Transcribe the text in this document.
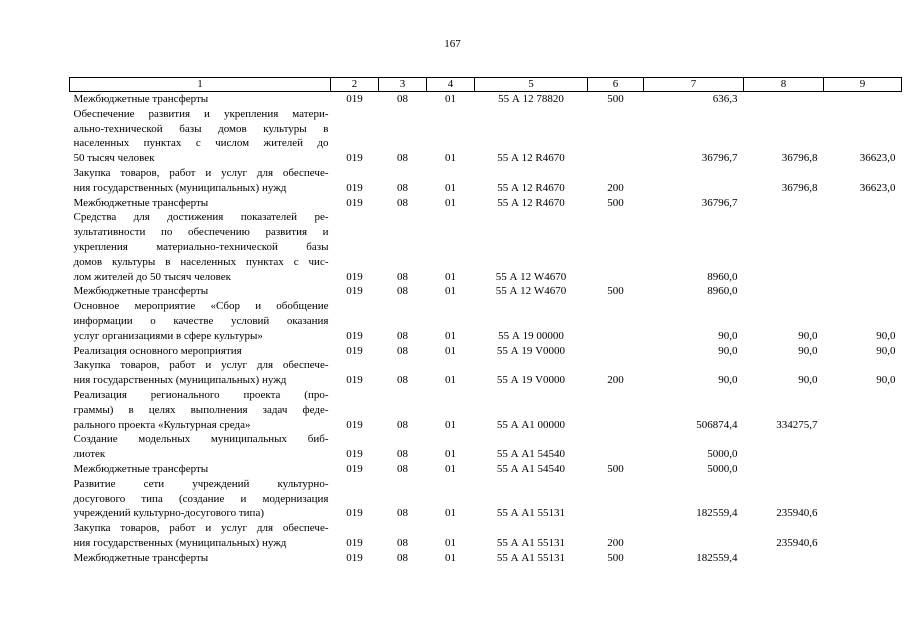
167
1	2	3	4	5	6	7	8	9

Межбюджетные трансферты	019	08	01	55 А 12 78820	500	636,3		

Обеспечение развития и укрепления матери-
ально-технической базы домов культуры в
населенных пунктах с числом жителей до
50 тысяч человек	019	08	01	55 А 12 R4670		36796,7	36796,8	36623,0

Закупка товаров, работ и услуг для обеспече-
ния государственных (муниципальных) нужд	019	08	01	55 А 12 R4670	200		36796,8	36623,0

Межбюджетные трансферты	019	08	01	55 А 12 R4670	500	36796,7		

Средства для достижения показателей ре-
зультативности по обеспечению развития и
укрепления материально-технической базы
домов культуры в населенных пунктах с чис-
лом жителей до 50 тысяч человек	019	08	01	55 А 12 W4670		8960,0		

Межбюджетные трансферты	019	08	01	55 А 12 W4670	500	8960,0		

Основное мероприятие «Сбор и обобщение
информации о качестве условий оказания
услуг организациями в сфере культуры»	019	08	01	55 А 19 00000		90,0	90,0	90,0

Реализация основного мероприятия	019	08	01	55 А 19 V0000		90,0	90,0	90,0

Закупка товаров, работ и услуг для обеспече-
ния государственных (муниципальных) нужд	019	08	01	55 А 19 V0000	200	90,0	90,0	90,0

Реализация регионального проекта (про-
граммы) в целях выполнения задач феде-
рального проекта «Культурная среда»	019	08	01	55 А А1 00000		506874,4	334275,7	

Создание модельных муниципальных биб-
лиотек	019	08	01	55 А А1 54540		5000,0		

Межбюджетные трансферты	019	08	01	55 А А1 54540	500	5000,0		

Развитие сети учреждений культурно-
досугового типа (создание и модернизация
учреждений культурно-досугового типа)	019	08	01	55 А А1 55131		182559,4	235940,6	

Закупка товаров, работ и услуг для обеспече-
ния государственных (муниципальных) нужд	019	08	01	55 А А1 55131	200		235940,6	

Межбюджетные трансферты	019	08	01	55 А А1 55131	500	182559,4		
